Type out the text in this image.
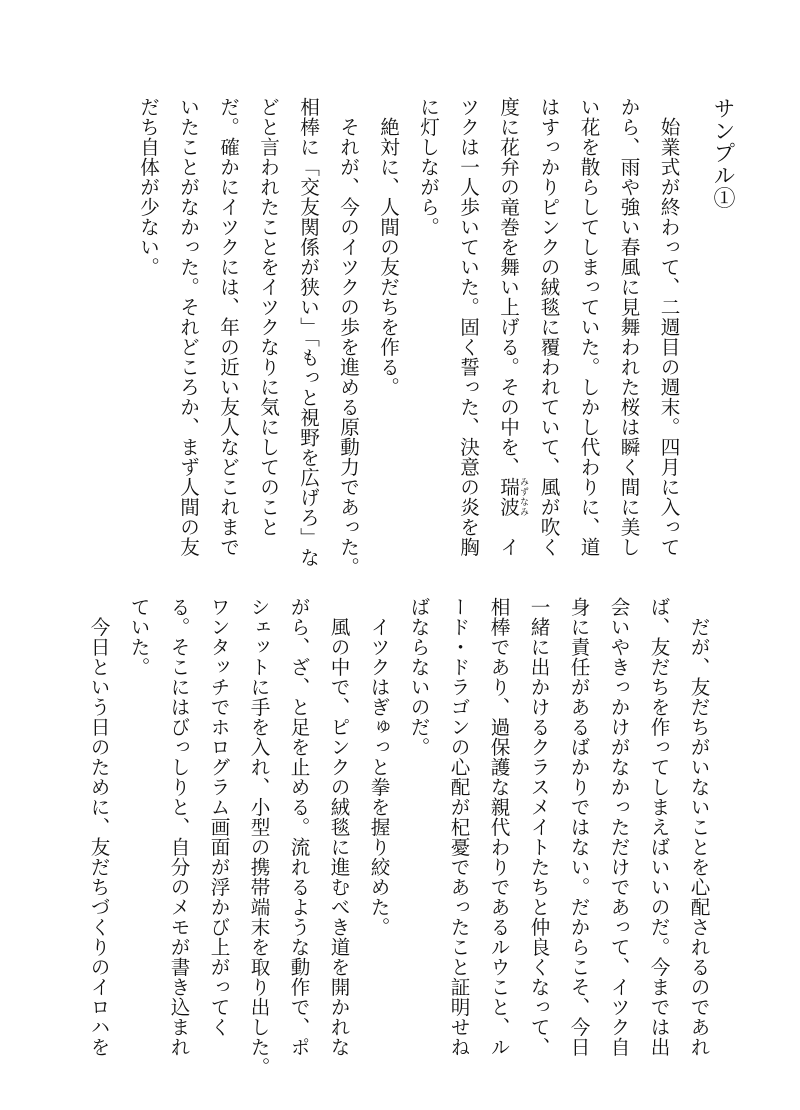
サンプル①
　始業式が終わって、二週目の週末。四月に入って
から、雨や強い春風に見舞われた桜は瞬く間に美し
い花を散らしてしまっていた。しかし代わりに、道
はすっかりピンクの絨毯に覆われていて、風が吹く
度に花弁の竜巻を舞い上げる。その中を、瑞波みずなみ　イ
ツクは一人歩いていた。固く誓った、決意の炎を胸
に灯しながら。
　絶対に、人間の友だちを作る。
　それが、今のイツクの歩を進める原動力であった。
相棒に「交友関係が狭い」「もっと視野を広げろ」な
どと言われたことをイツクなりに気にしてのこと
だ。確かにイツクには、年の近い友人などこれまで
いたことがなかった。それどころか、まず人間の友
だち自体が少ない。
　だが、友だちがいないことを心配されるのであれ
ば、友だちを作ってしまえばいいのだ。今までは出
会いやきっかけがなかっただけであって、イツク自
身に責任があるばかりではない。だからこそ、今日
一緒に出かけるクラスメイトたちと仲良くなって、
相棒であり、過保護な親代わりであるルウこと、ル
ード・ドラゴンの心配が杞憂であったこと証明せね
ばならないのだ。
　イツクはぎゅっと拳を握り絞めた。
　風の中で、ピンクの絨毯に進むべき道を開かれな
がら、ざ、と足を止める。流れるような動作で、ポ
シェットに手を入れ、小型の携帯端末を取り出した。
ワンタッチでホログラム画面が浮かび上がってく
る。そこにはびっしりと、自分のメモが書き込まれ
ていた。
　今日という日のために、友だちづくりのイロハを
